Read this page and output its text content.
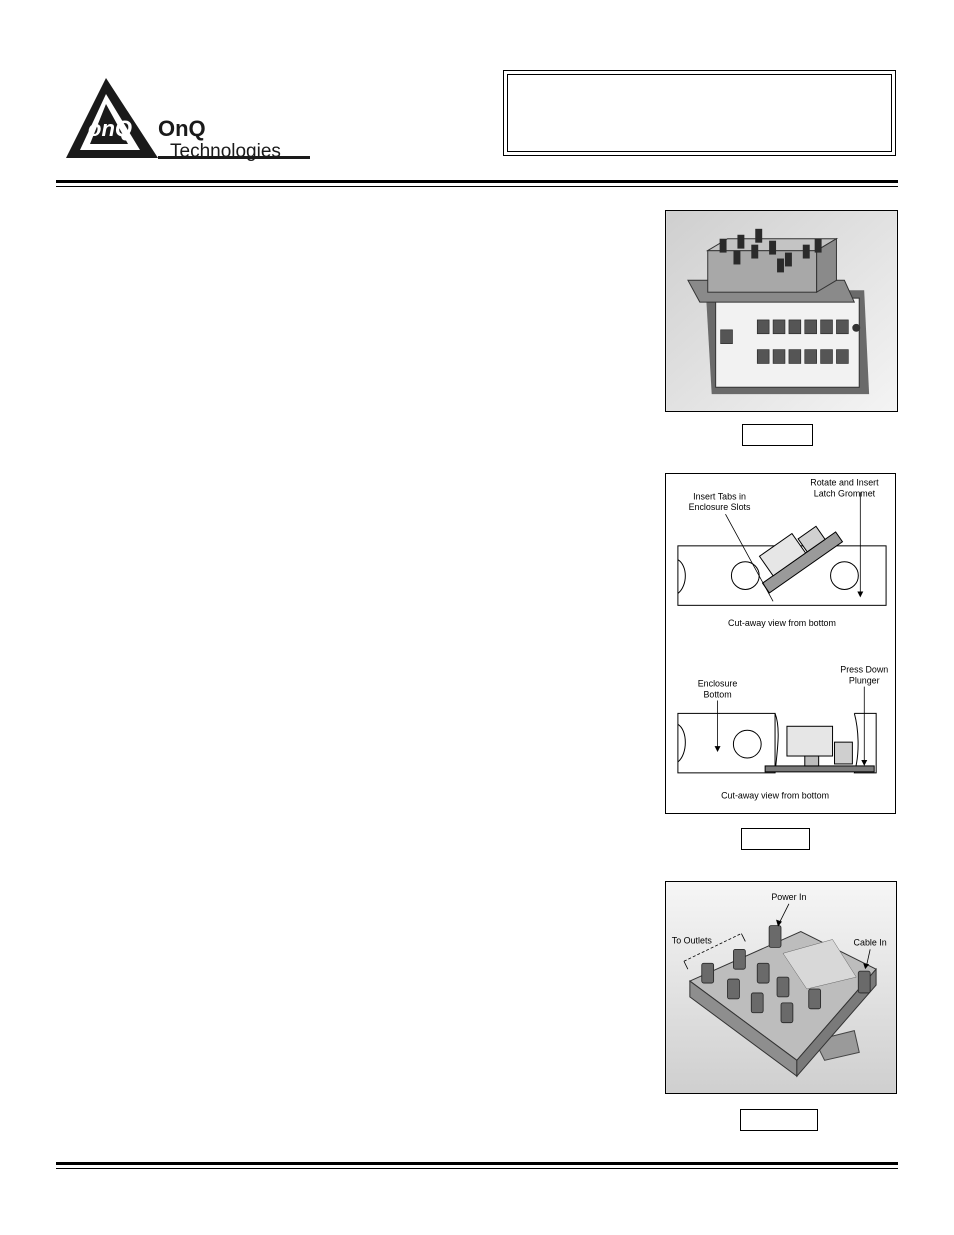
onQ OnQ
Technologies
Insert Tabs in
Enclosure Slots
Rotate and Insert
Latch Grommet
Cut-away view from bottom
Enclosure
Bottom
Press Down
Plunger
Cut-away view from bottom
Power In
To Outlets	Cable In
